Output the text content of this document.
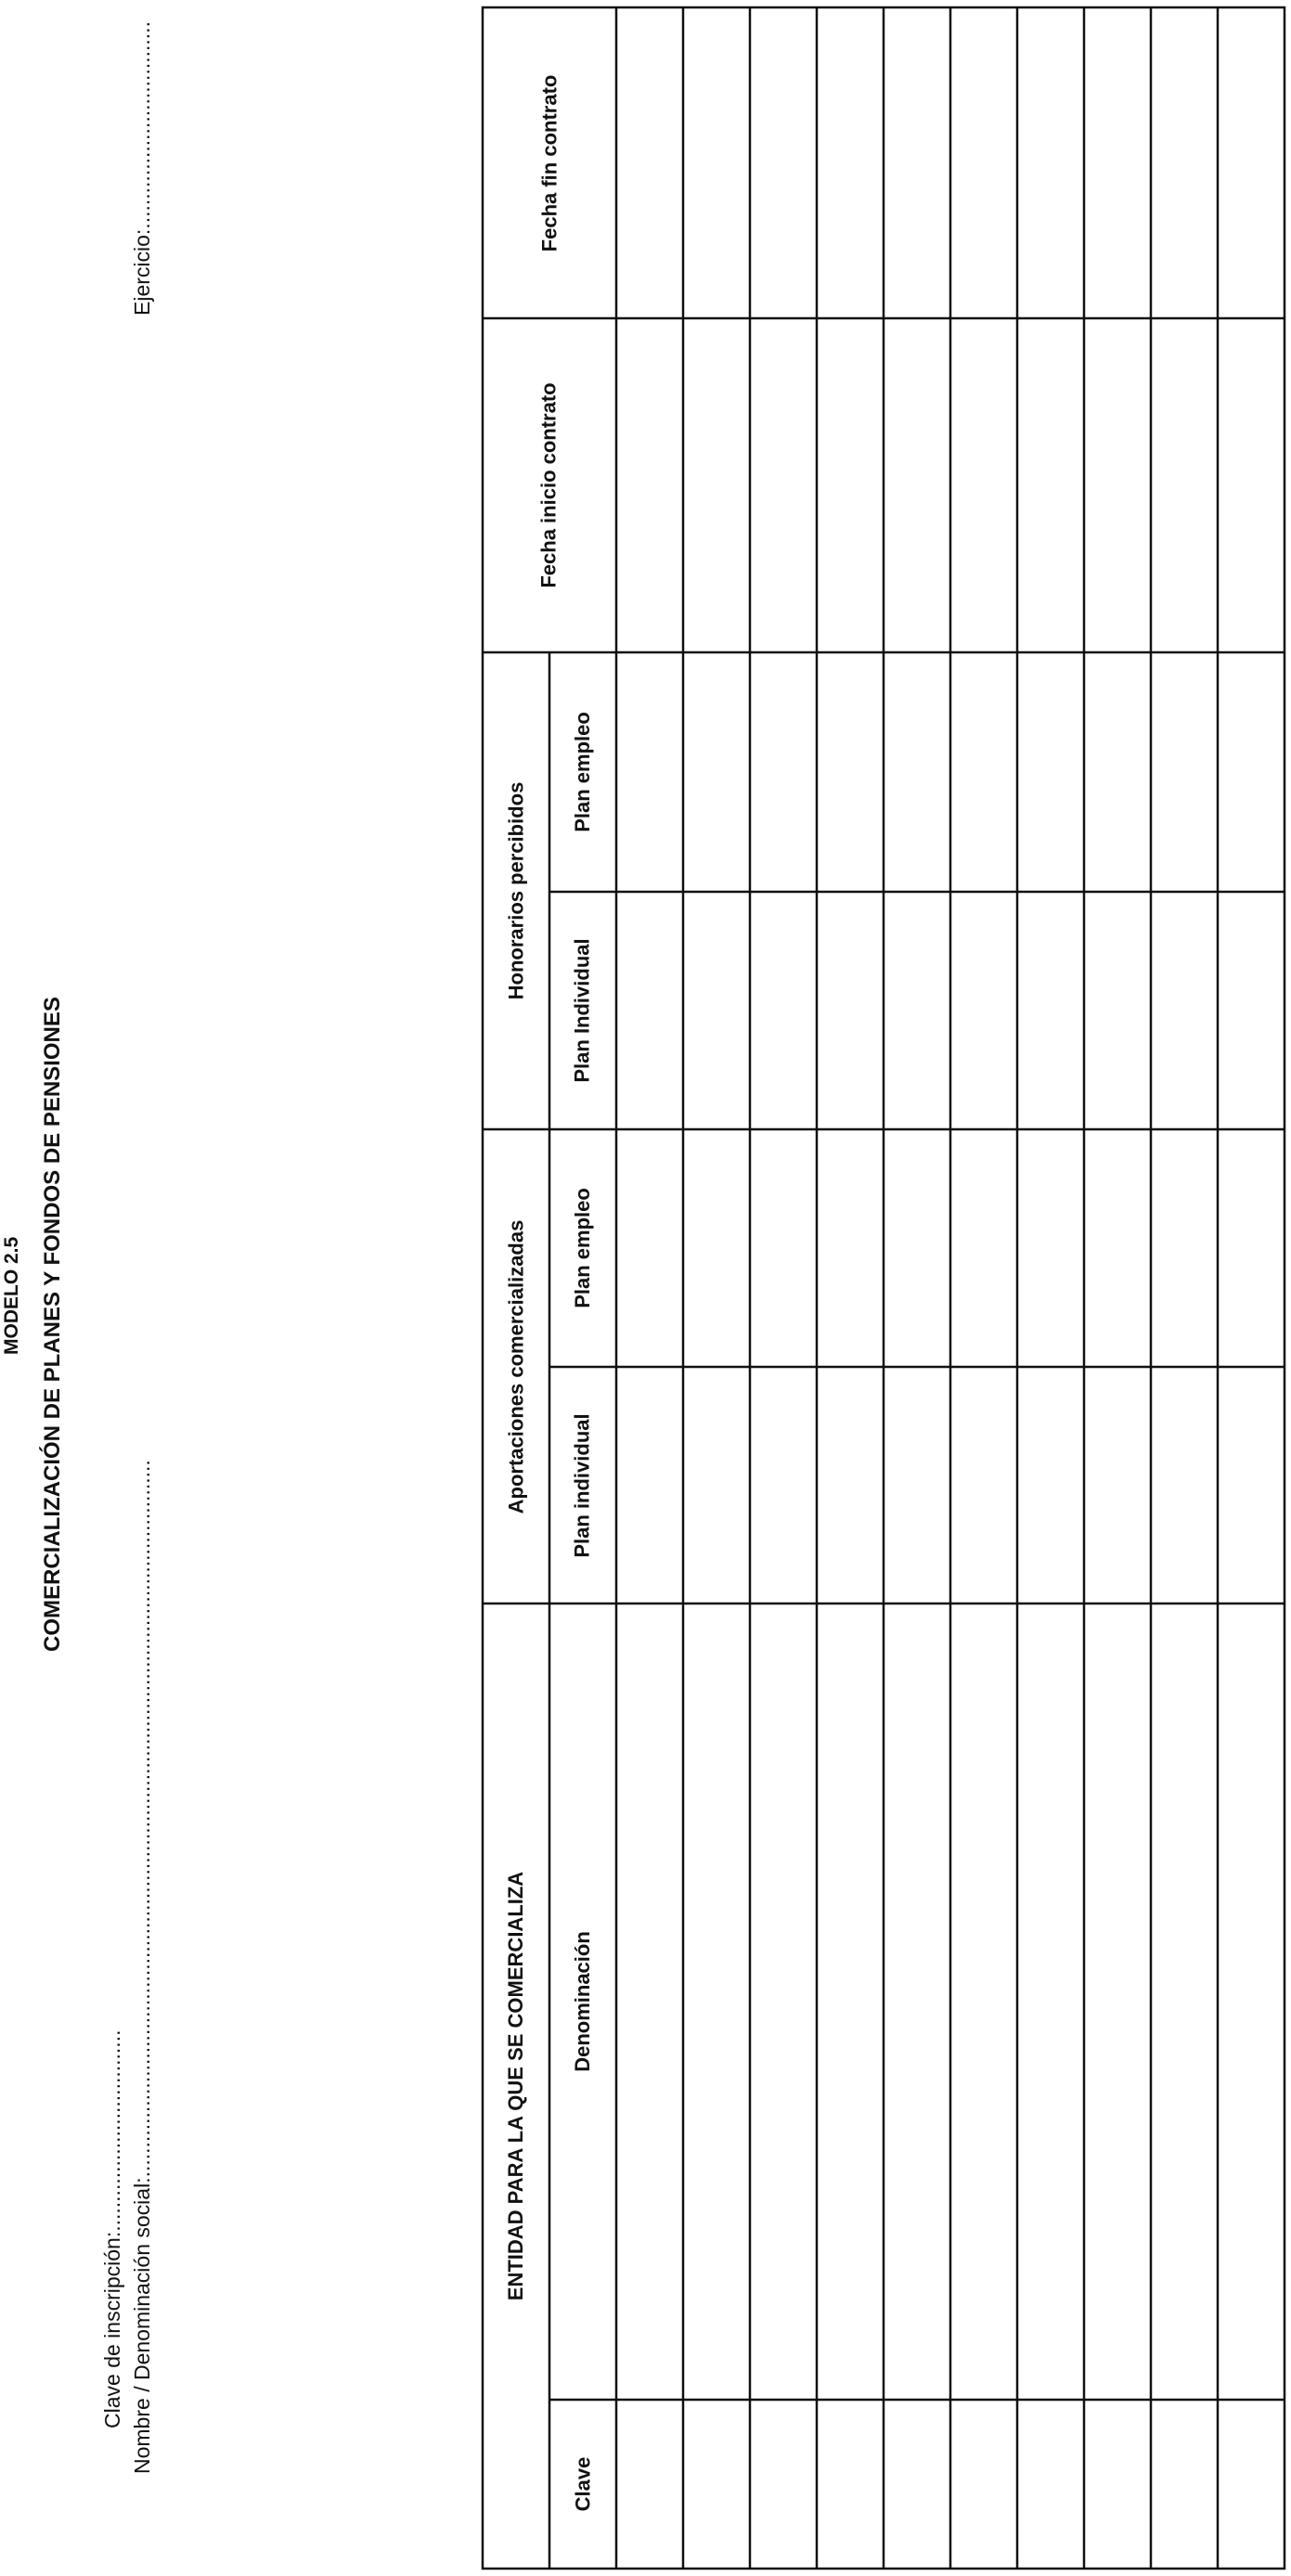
MODELO 2.5 COMERCIALIZACIÓN DE PLANES Y FONDOS DE PENSIONES
Clave de inscripción:.................................. Nombre / Denominación social:.........................................................................................................................
Ejercicio:...................................
ENTIDAD PARA LA QUE SE COMERCIALIZA
Aportaciones comercializadas
Honorarios percibidos
Clave
Denominación
Plan individual
Plan empleo
Plan Individual
Plan empleo
Fecha inicio contrato
Fecha fin contrato
